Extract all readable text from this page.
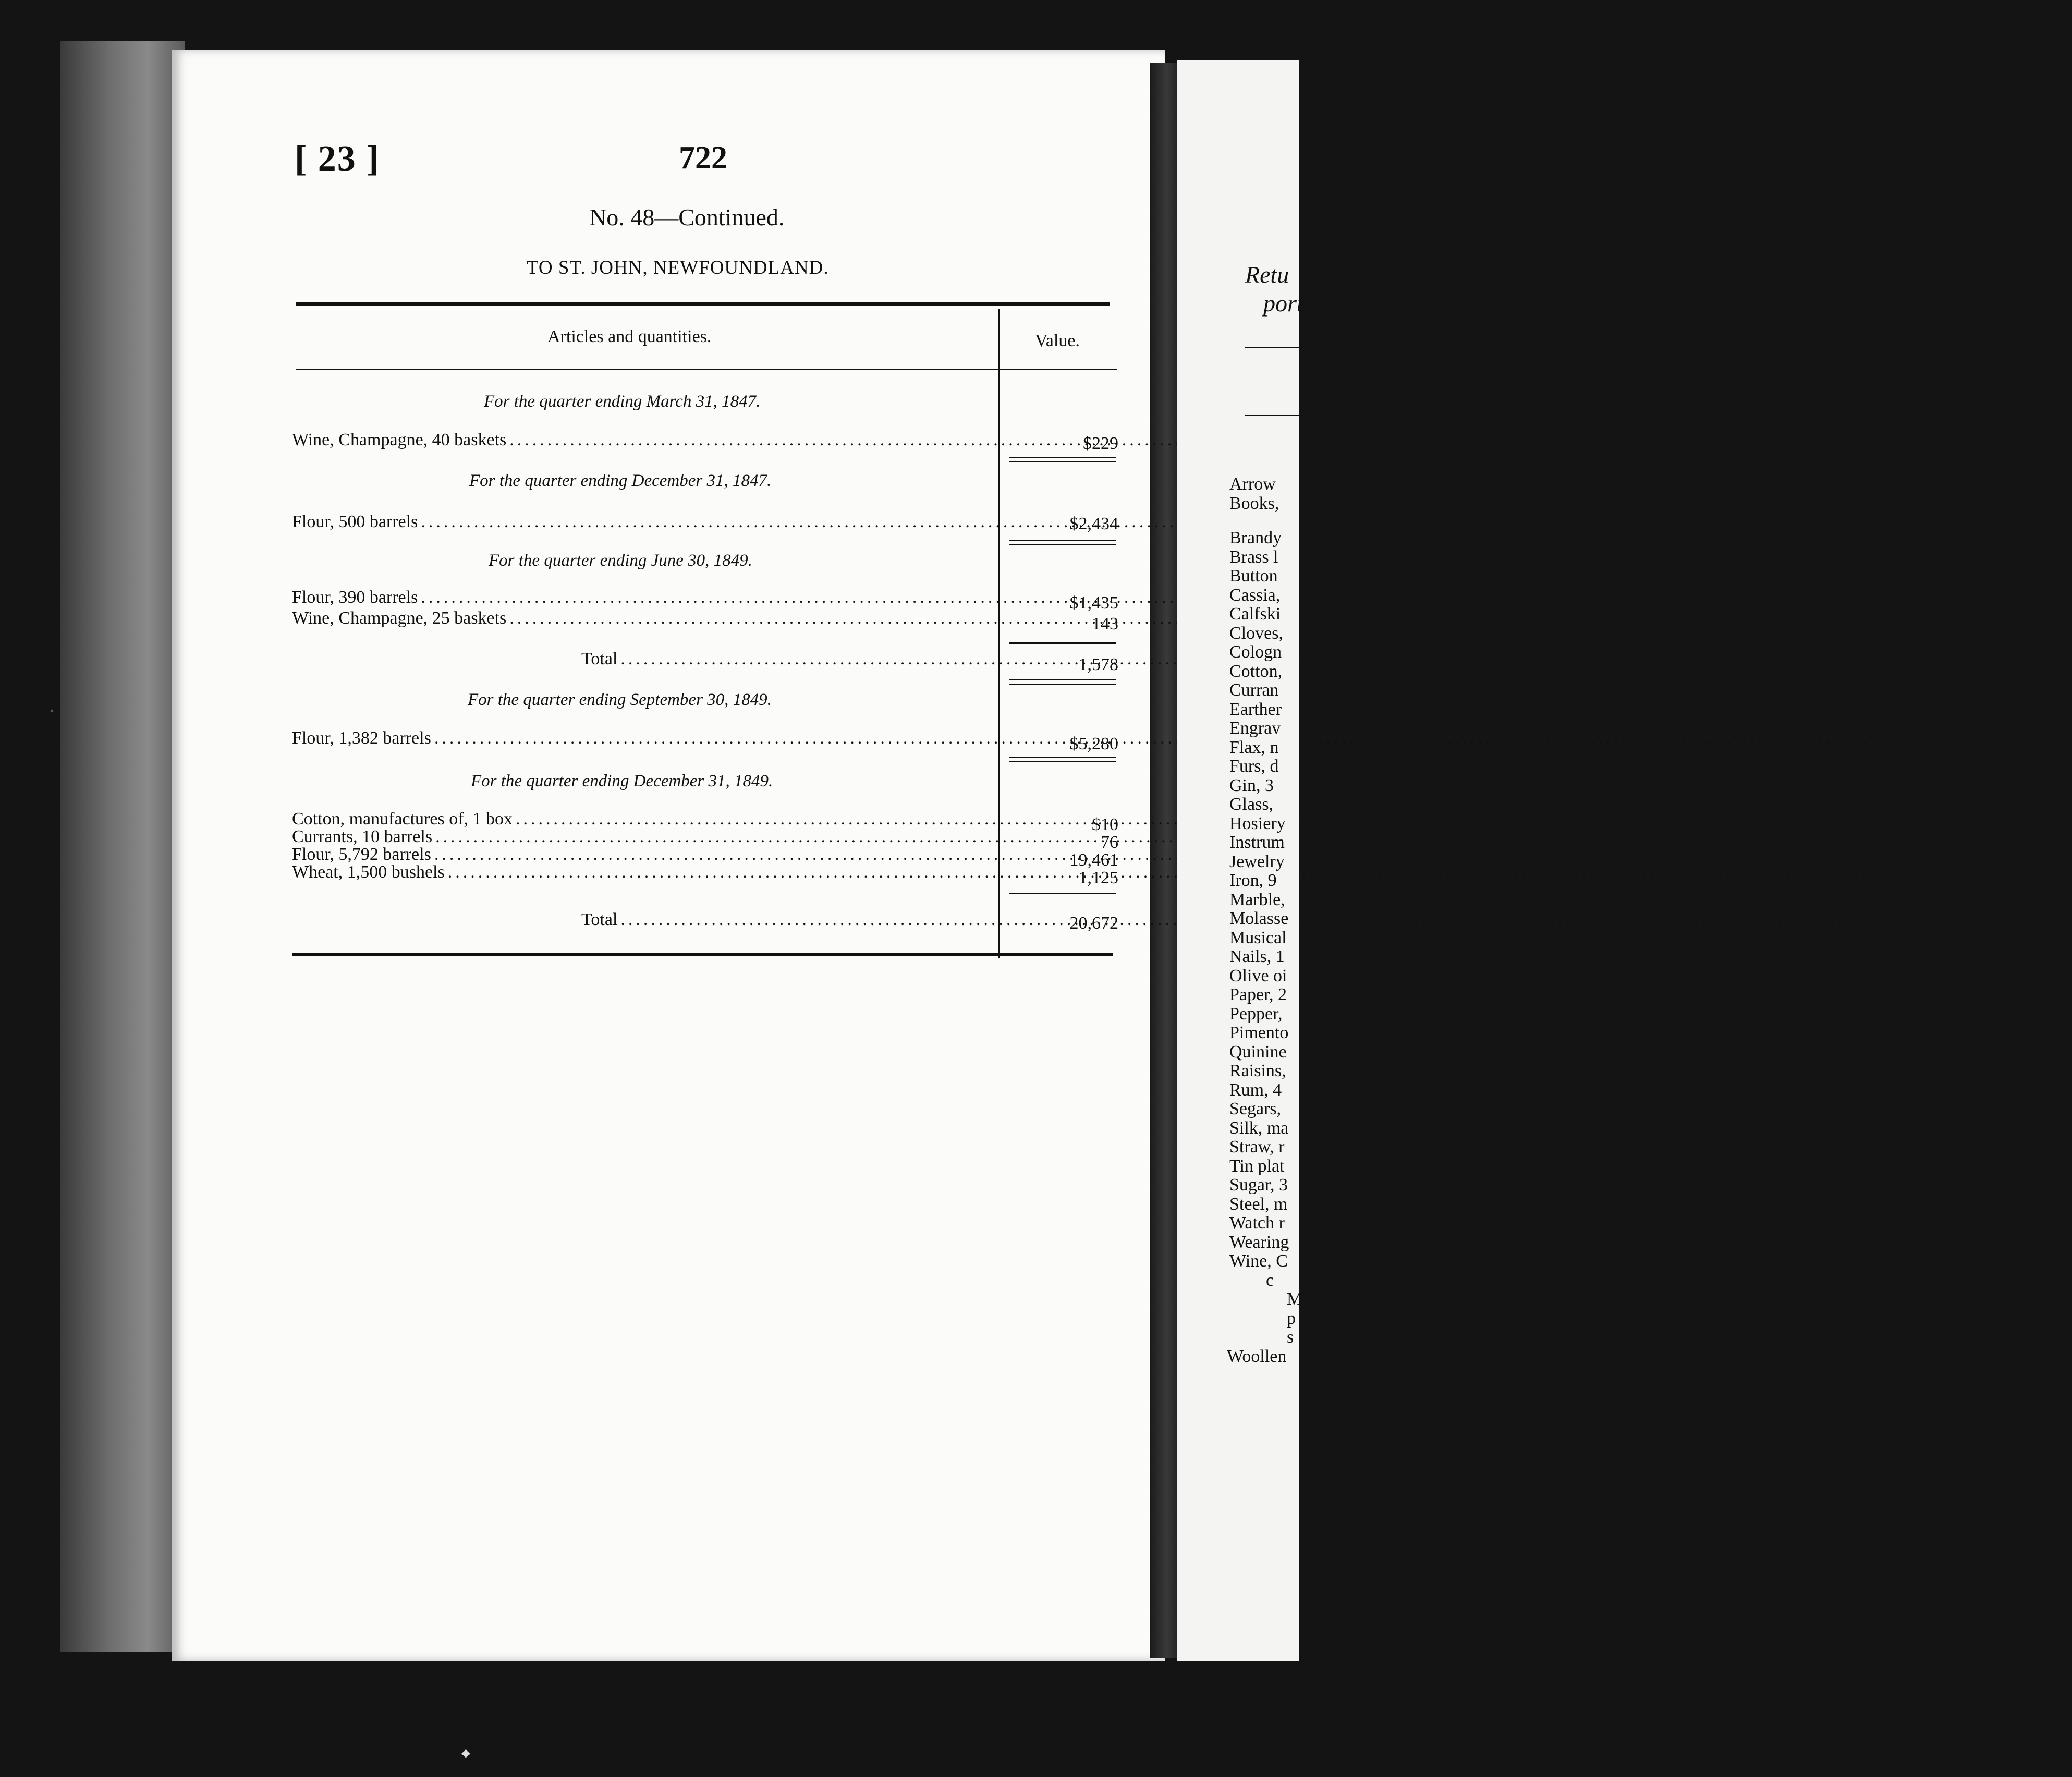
[ 23 ]	722
No. 48—Continued.
TO ST. JOHN, NEWFOUNDLAND.
Articles and quantities.	Value.
For the quarter ending March 31, 1847.
Wine, Champagne, 40 baskets .....	$229
For the quarter ending December 31, 1847.
Flour, 500 barrels .....	$2,434
For the quarter ending June 30, 1849.
Flour, 390 barrels .....	$1,435
Wine, Champagne, 25 baskets .....	143
Total .....	1,578
For the quarter ending September 30, 1849.
Flour, 1,382 barrels .....	$5,280
For the quarter ending December 31, 1849.
Cotton, manufactures of, 1 box .....	$10
Currants, 10 barrels .....	76
Flour, 5,792 barrels .....	19,461
Wheat, 1,500 bushels .....	1,125
Total .....	20,672
Retu
port
Arrow
Books,
Brandy
Brass l
Button
Cassia,
Calfski
Cloves,
Cologn
Cotton,
Curran
Earther
Engrav
Flax, n
Furs, d
Gin, 3
Glass,
Hosiery
Instrum
Jewelry
Iron, 9
Marble,
Molasse
Musical
Nails, 1
Olive oi
Paper, 2
Pepper,
Pimento
Quinine
Raisins,
Rum, 4
Segars,
Silk, ma
Straw, r
Tin plat
Sugar, 3
Steel, m
Watch r
Wearing
Wine, C
c
M
p
s
Woollen
✦
